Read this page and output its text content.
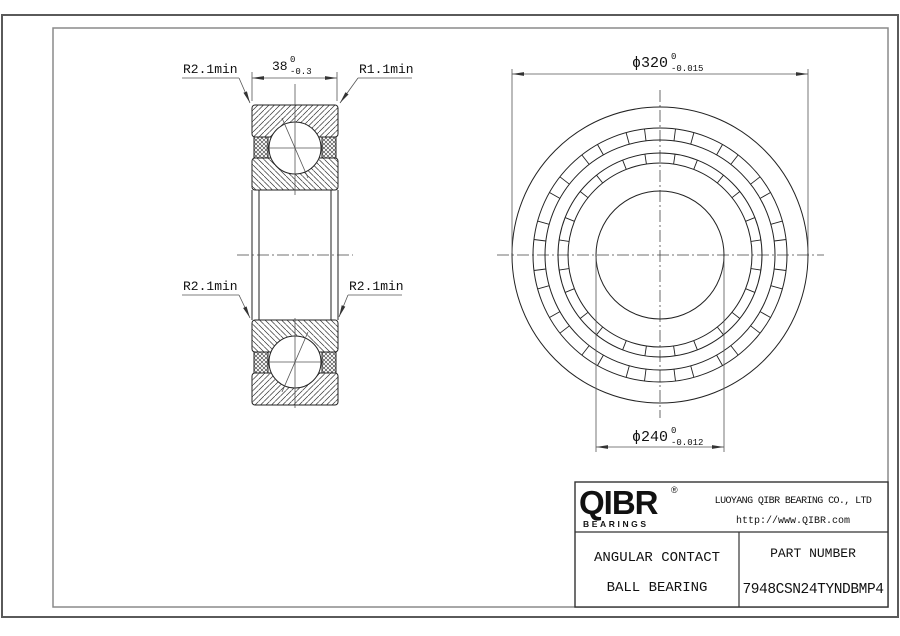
38 0
-0.3
R2.1min	R1.1min
R2.1min	R2.1min
ϕ320 0
-0.015
ϕ240 0
-0.012
QIBR ®
BEARINGS
LUOYANG QIBR BEARING CO., LTD
http://www.QIBR.com
ANGULAR CONTACT
BALL BEARING
PART NUMBER
7948CSN24TYNDBMP4
